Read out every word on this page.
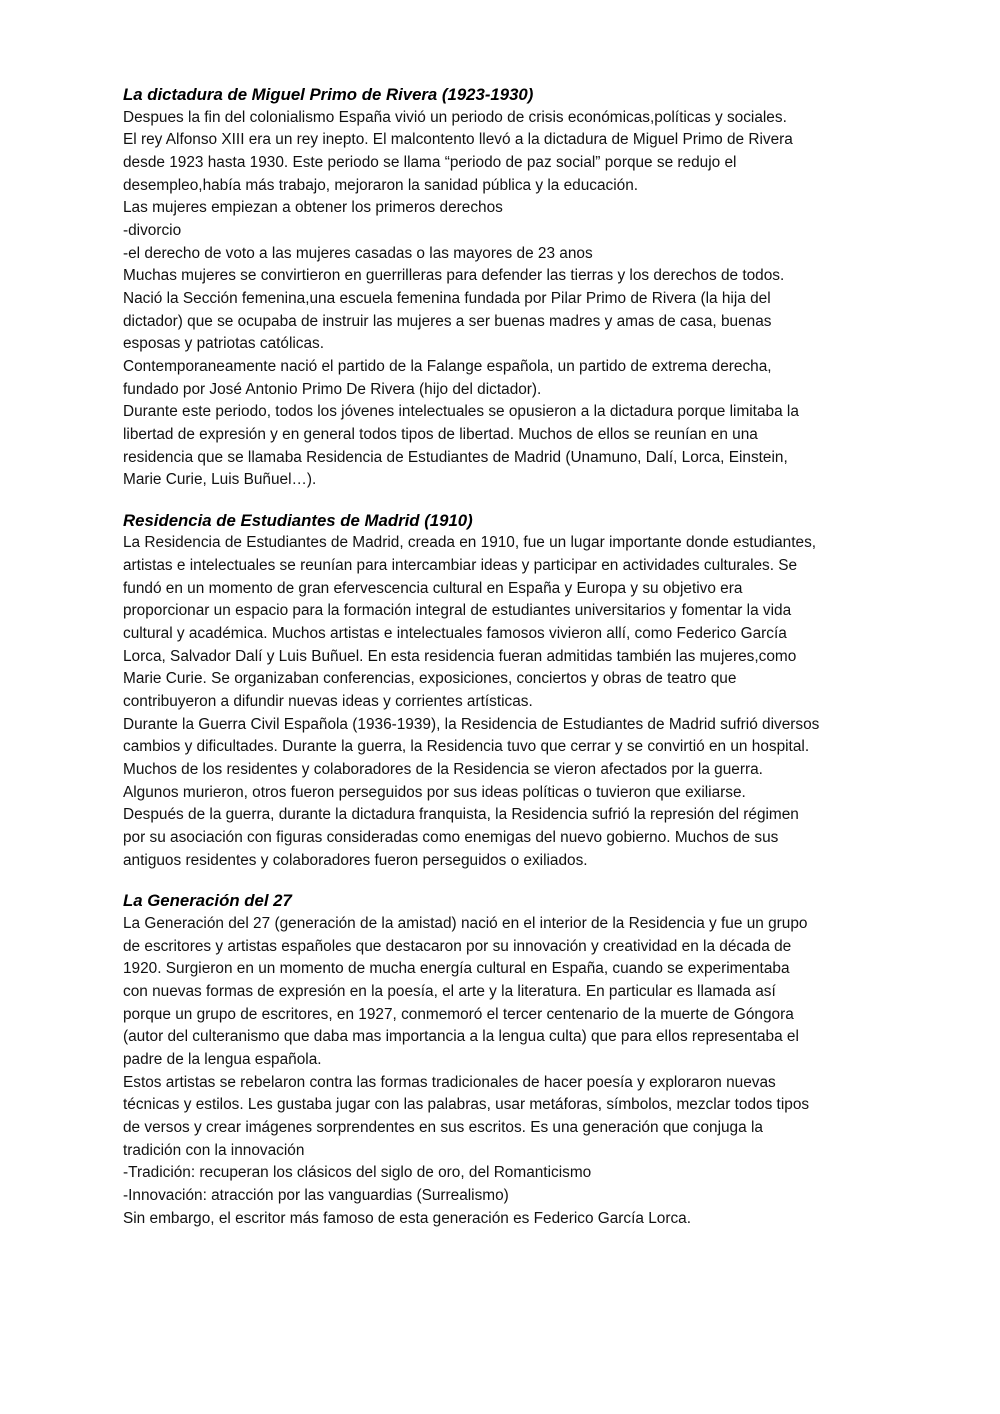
La dictadura de Miguel Primo de Rivera (1923-1930)

Despues la fin del colonialismo España vivió un periodo de crisis económicas,políticas y sociales.
El rey Alfonso XIII era un rey inepto. El malcontento llevó a la dictadura de Miguel Primo de Rivera
desde 1923 hasta 1930. Este periodo se llama “periodo de paz social” porque se redujo el
desempleo,había más trabajo, mejoraron la sanidad pública y la educación.

Las mujeres empiezan a obtener los primeros derechos

-divorcio

-el derecho de voto a las mujeres casadas o las mayores de 23 anos

Muchas mujeres se convirtieron en guerrilleras para defender las tierras y los derechos de todos.
Nació la Sección femenina,una escuela femenina fundada por Pilar Primo de Rivera (la hija del
dictador) que se ocupaba de instruir las mujeres a ser buenas madres y amas de casa, buenas
esposas y patriotas católicas.

Contemporaneamente nació el partido de la Falange española, un partido de extrema derecha,
fundado por José Antonio Primo De Rivera (hijo del dictador).

Durante este periodo, todos los jóvenes intelectuales se opusieron a la dictadura porque limitaba la
libertad de expresión y en general todos tipos de libertad. Muchos de ellos se reunían en una
residencia que se llamaba Residencia de Estudiantes de Madrid (Unamuno, Dalí, Lorca, Einstein,
Marie Curie, Luis Buñuel…).

Residencia de Estudiantes de Madrid (1910)

La Residencia de Estudiantes de Madrid, creada en 1910, fue un lugar importante donde estudiantes,
artistas e intelectuales se reunían para intercambiar ideas y participar en actividades culturales. Se
fundó en un momento de gran efervescencia cultural en España y Europa y su objetivo era
proporcionar un espacio para la formación integral de estudiantes universitarios y fomentar la vida
cultural y académica. Muchos artistas e intelectuales famosos vivieron allí, como Federico García
Lorca, Salvador Dalí y Luis Buñuel. En esta residencia fueran admitidas también las mujeres,como
Marie Curie. Se organizaban conferencias, exposiciones, conciertos y obras de teatro que
contribuyeron a difundir nuevas ideas y corrientes artísticas.

Durante la Guerra Civil Española (1936-1939), la Residencia de Estudiantes de Madrid sufrió diversos
cambios y dificultades. Durante la guerra, la Residencia tuvo que cerrar y se convirtió en un hospital.
Muchos de los residentes y colaboradores de la Residencia se vieron afectados por la guerra.
Algunos murieron, otros fueron perseguidos por sus ideas políticas o tuvieron que exiliarse.
Después de la guerra, durante la dictadura franquista, la Residencia sufrió la represión del régimen
por su asociación con figuras consideradas como enemigas del nuevo gobierno. Muchos de sus
antiguos residentes y colaboradores fueron perseguidos o exiliados.

La Generación del 27

La Generación del 27 (generación de la amistad) nació en el interior de la Residencia y fue un grupo
de escritores y artistas españoles que destacaron por su innovación y creatividad en la década de
1920. Surgieron en un momento de mucha energía cultural en España, cuando se experimentaba
con nuevas formas de expresión en la poesía, el arte y la literatura. En particular es llamada así
porque un grupo de escritores, en 1927, conmemoró el tercer centenario de la muerte de Góngora
(autor del culteranismo que daba mas importancia a la lengua culta) que para ellos representaba el
padre de la lengua española.

Estos artistas se rebelaron contra las formas tradicionales de hacer poesía y exploraron nuevas
técnicas y estilos. Les gustaba jugar con las palabras, usar metáforas, símbolos, mezclar todos tipos
de versos y crear imágenes sorprendentes en sus escritos. Es una generación que conjuga la
tradición con la innovación

-Tradición: recuperan los clásicos del siglo de oro, del Romanticismo

-Innovación: atracción por las vanguardias (Surrealismo)

Sin embargo, el escritor más famoso de esta generación es Federico García Lorca.
